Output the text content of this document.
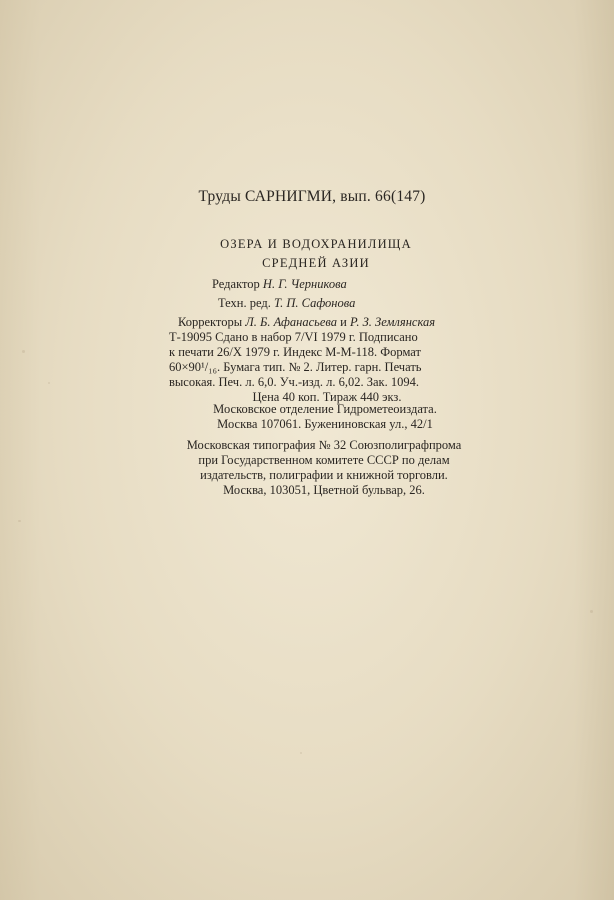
Труды САРНИГМИ, вып. 66(147)
ОЗЕРА И ВОДОХРАНИЛИЩА
СРЕДНЕЙ АЗИИ
Редактор Н. Г. Черникова
Техн. ред. Т. П. Сафонова
Корректоры Л. Б. Афанасьева и Р. З. Землянская
Т-19095 Сдано в набор 7/VI 1979 г. Подписано
к печати 26/X 1979 г. Индекс М-М-118. Формат
60×90¹/₁₆. Бумага тип. № 2. Литер. гарн. Печать
высокая. Печ. л. 6,0. Уч.-изд. л. 6,02. Зак. 1094.
Цена 40 коп. Тираж 440 экз.
Московское отделение Гидрометеоиздата.
Москва 107061. Буженинoвская ул., 42/1
Московская типография № 32 Союзполиграфпрома
при Государственном комитете СССР по делам
издательств, полиграфии и книжной торговли.
Москва, 103051, Цветной бульвар, 26.
